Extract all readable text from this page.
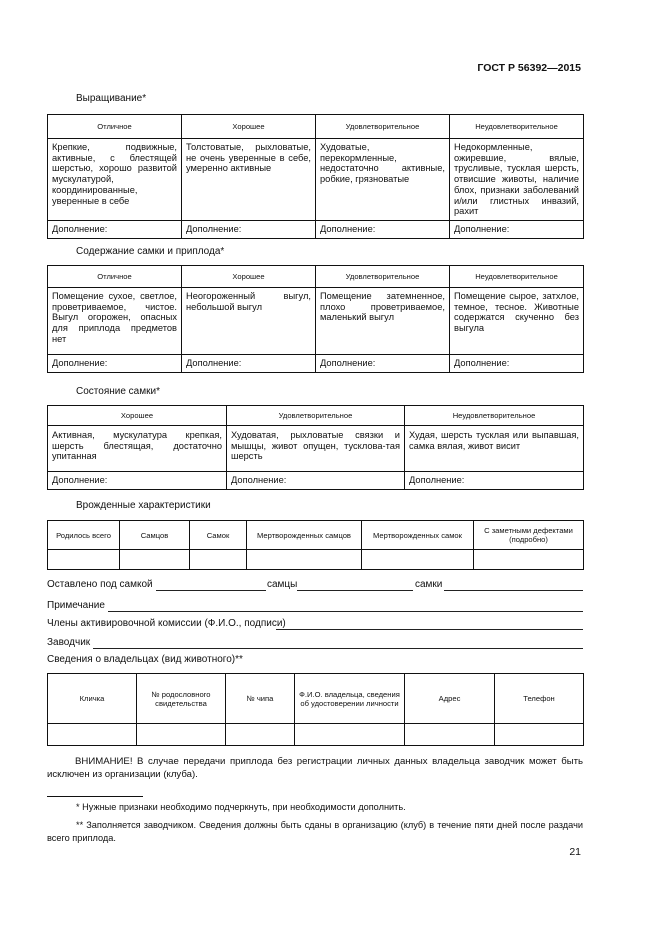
ГОСТ Р 56392—2015
Выращивание*
Отличное	Хорошее	Удовлетворительное	Неудовлетворительное
Крепкие, подвижные, активные, с блестящей шерстью, хорошо развитой мускулатурой, координированные, уверенные в себе	Толстоватые, рыхловатые, не очень уверенные в себе, умеренно активные	Худоватые, перекормленные, недостаточно активные, робкие, грязноватые	Недокормленные, ожиревшие, вялые, трусливые, тусклая шерсть, отвисшие животы, наличие блох, признаки заболеваний и/или глистных инвазий, рахит
Дополнение:	Дополнение:	Дополнение:	Дополнение:
Содержание самки и приплода*
Отличное	Хорошее	Удовлетворительное	Неудовлетворительное
Помещение сухое, светлое, проветриваемое, чистое. Выгул огорожен, опасных для приплода предметов нет	Неогороженный выгул, небольшой выгул	Помещение затемненное, плохо проветриваемое, маленький выгул	Помещение сырое, затхлое, темное, тесное. Животные содержатся скученно без выгула
Дополнение:	Дополнение:	Дополнение:	Дополнение:
Состояние самки*
Хорошее	Удовлетворительное	Неудовлетворительное
Активная, мускулатура крепкая, шерсть блестящая, достаточно упитанная	Худоватая, рыхловатые связки и мышцы, живот опущен, тусклова-тая шерсть	Худая, шерсть тусклая или выпавшая, самка вялая, живот висит
Дополнение:	Дополнение:	Дополнение:
Врожденные характеристики
Родилось всего	Самцов	Самок	Мертворожденных самцов	Мертворожденных самок	С заметными дефектами (подробно)

Оставлено под самкой	самцы	самки
Примечание
Члены активировочной комиссии (Ф.И.О., подписи)
Заводчик
Сведения о владельцах (вид животного)**
Кличка	№ родословного свидетельства	№ чипа	Ф.И.О. владельца, сведения об удостоверении личности	Адрес	Телефон

ВНИМАНИЕ! В случае передачи приплода без регистрации личных данных владельца заводчик может быть исключен из организации (клуба).
* Нужные признаки необходимо подчеркнуть, при необходимости дополнить.
** Заполняется заводчиком. Сведения должны быть сданы в организацию (клуб) в течение пяти дней после раздачи всего приплода.
21
